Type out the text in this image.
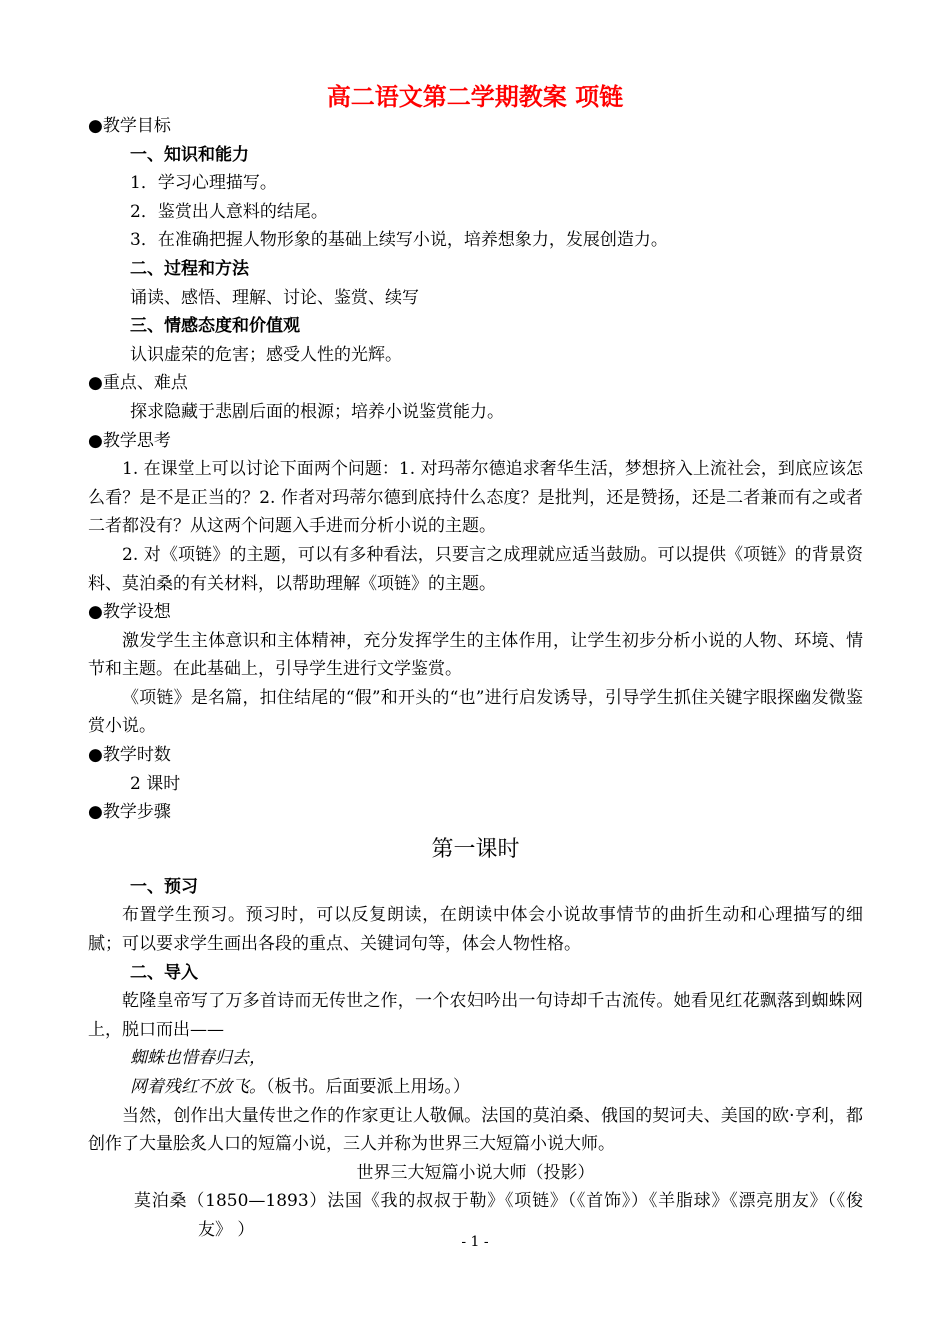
高二语文第二学期教案 项链
●教学目标
一、知识和能力
1．学习心理描写。
2．鉴赏出人意料的结尾。
3．在准确把握人物形象的基础上续写小说，培养想象力，发展创造力。
二、过程和方法
诵读、感悟、理解、讨论、鉴赏、续写
三、情感态度和价值观
认识虚荣的危害；感受人性的光辉。
●重点、难点
探求隐藏于悲剧后面的根源；培养小说鉴赏能力。
●教学思考
1. 在课堂上可以讨论下面两个问题：1. 对玛蒂尔德追求奢华生活，梦想挤入上流社会，到底应该怎么看？是不是正当的？2. 作者对玛蒂尔德到底持什么态度？是批判，还是赞扬，还是二者兼而有之或者二者都没有？从这两个问题入手进而分析小说的主题。
2. 对《项链》的主题，可以有多种看法，只要言之成理就应适当鼓励。可以提供《项链》的背景资料、莫泊桑的有关材料，以帮助理解《项链》的主题。
●教学设想
激发学生主体意识和主体精神，充分发挥学生的主体作用，让学生初步分析小说的人物、环境、情节和主题。在此基础上，引导学生进行文学鉴赏。
《项链》是名篇，扣住结尾的“假”和开头的“也”进行启发诱导，引导学生抓住关键字眼探幽发微鉴赏小说。
●教学时数
2 课时
●教学步骤
第一课时
一、预习
布置学生预习。预习时，可以反复朗读，在朗读中体会小说故事情节的曲折生动和心理描写的细腻；可以要求学生画出各段的重点、关键词句等，体会人物性格。
二、导入
乾隆皇帝写了万多首诗而无传世之作，一个农妇吟出一句诗却千古流传。她看见红花飘落到蜘蛛网上，脱口而出——
蜘蛛也惜春归去，
网着残红不放飞。（板书。后面要派上用场。）
当然，创作出大量传世之作的作家更让人敬佩。法国的莫泊桑、俄国的契诃夫、美国的欧·亨利，都创作了大量脍炙人口的短篇小说，三人并称为世界三大短篇小说大师。
世界三大短篇小说大师（投影）
莫泊桑（1850—1893）法国《我的叔叔于勒》《项链》（《首饰》）《羊脂球》《漂亮朋友》（《俊友》 ）
- 1 -
